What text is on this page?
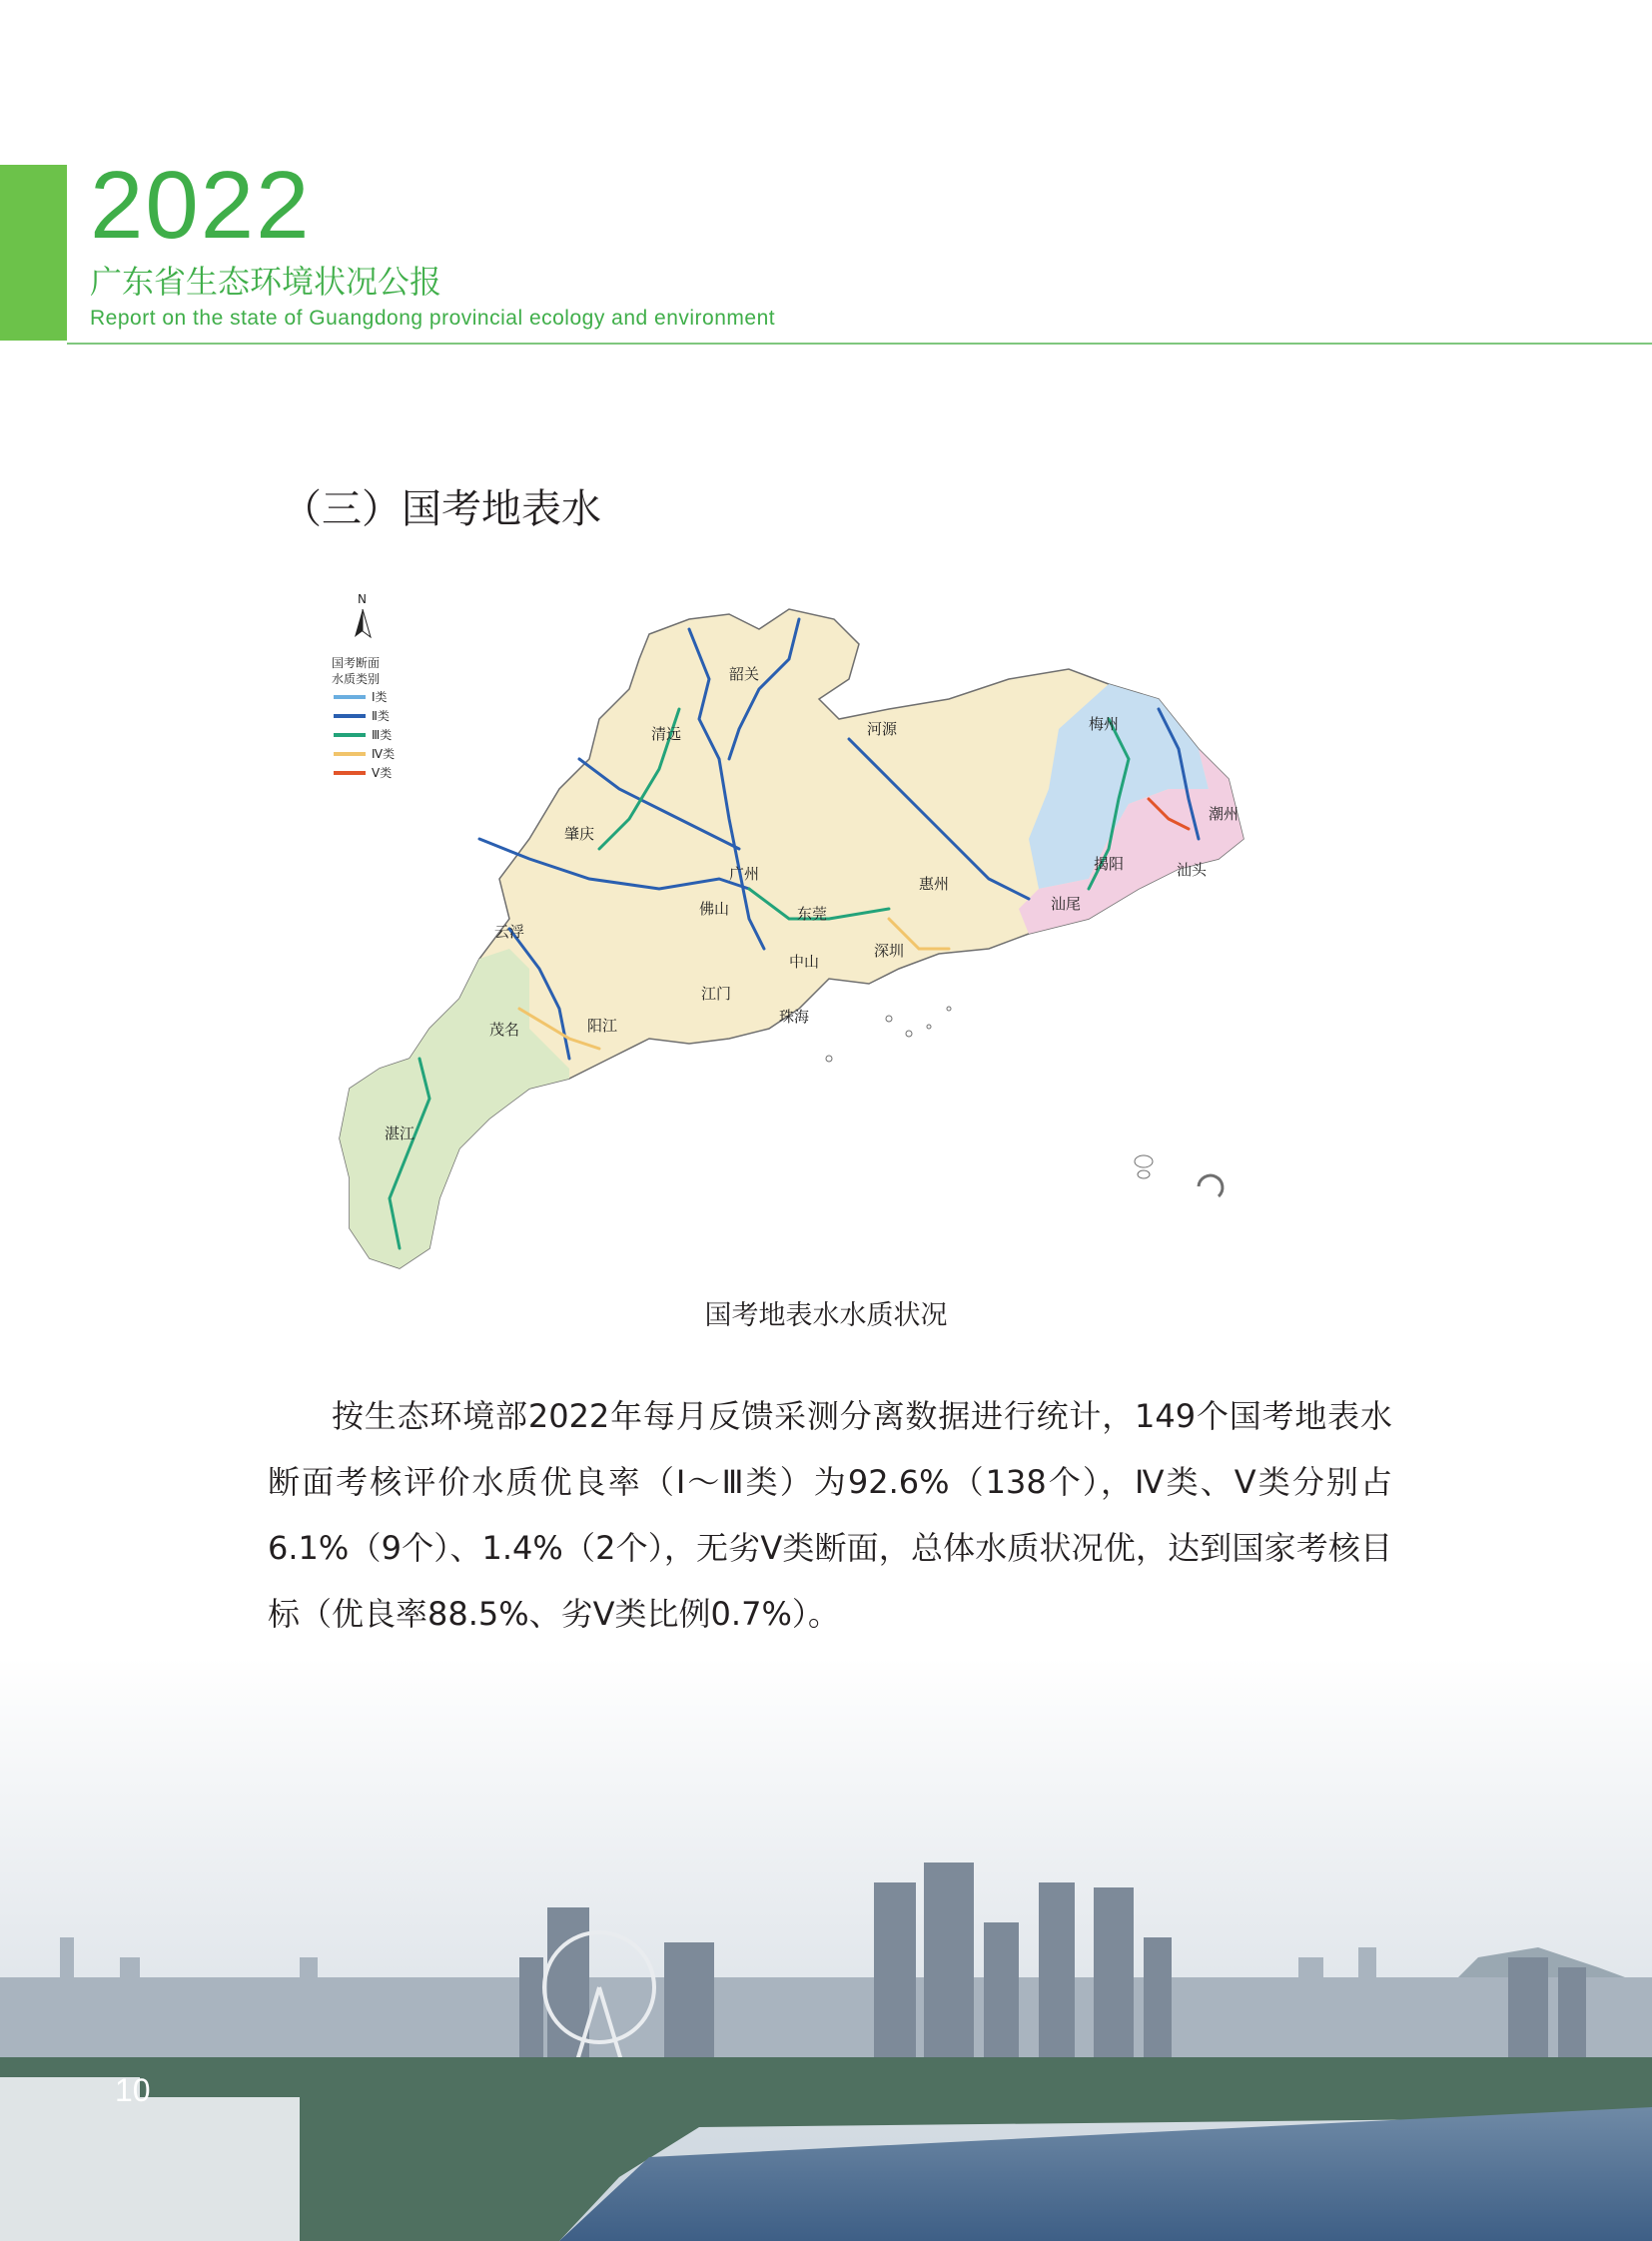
2022
广东省生态环境状况公报
Report on the state of Guangdong provincial ecology and environment
（三）国考地表水
N
国考断面
水质类别
Ⅰ类
Ⅱ类
Ⅲ类
Ⅳ类
Ⅴ类
韶关
清远	河源	梅州
潮州
肇庆
广州
惠州
揭阳	汕头
佛山	东莞
汕尾
云浮
深圳
中山
江门
珠海
茂名	阳江
湛江
国考地表水水质状况

按生态环境部2022年每月反馈采测分离数据进行统计，149个国考地表水断面考核评价水质优良率（Ⅰ～Ⅲ类）为92.6%（138个），Ⅳ类、Ⅴ类分别占6.1%（9个）、1.4%（2个），无劣Ⅴ类断面，总体水质状况优，达到国家考核目标（优良率88.5%、劣Ⅴ类比例0.7%）。

10
